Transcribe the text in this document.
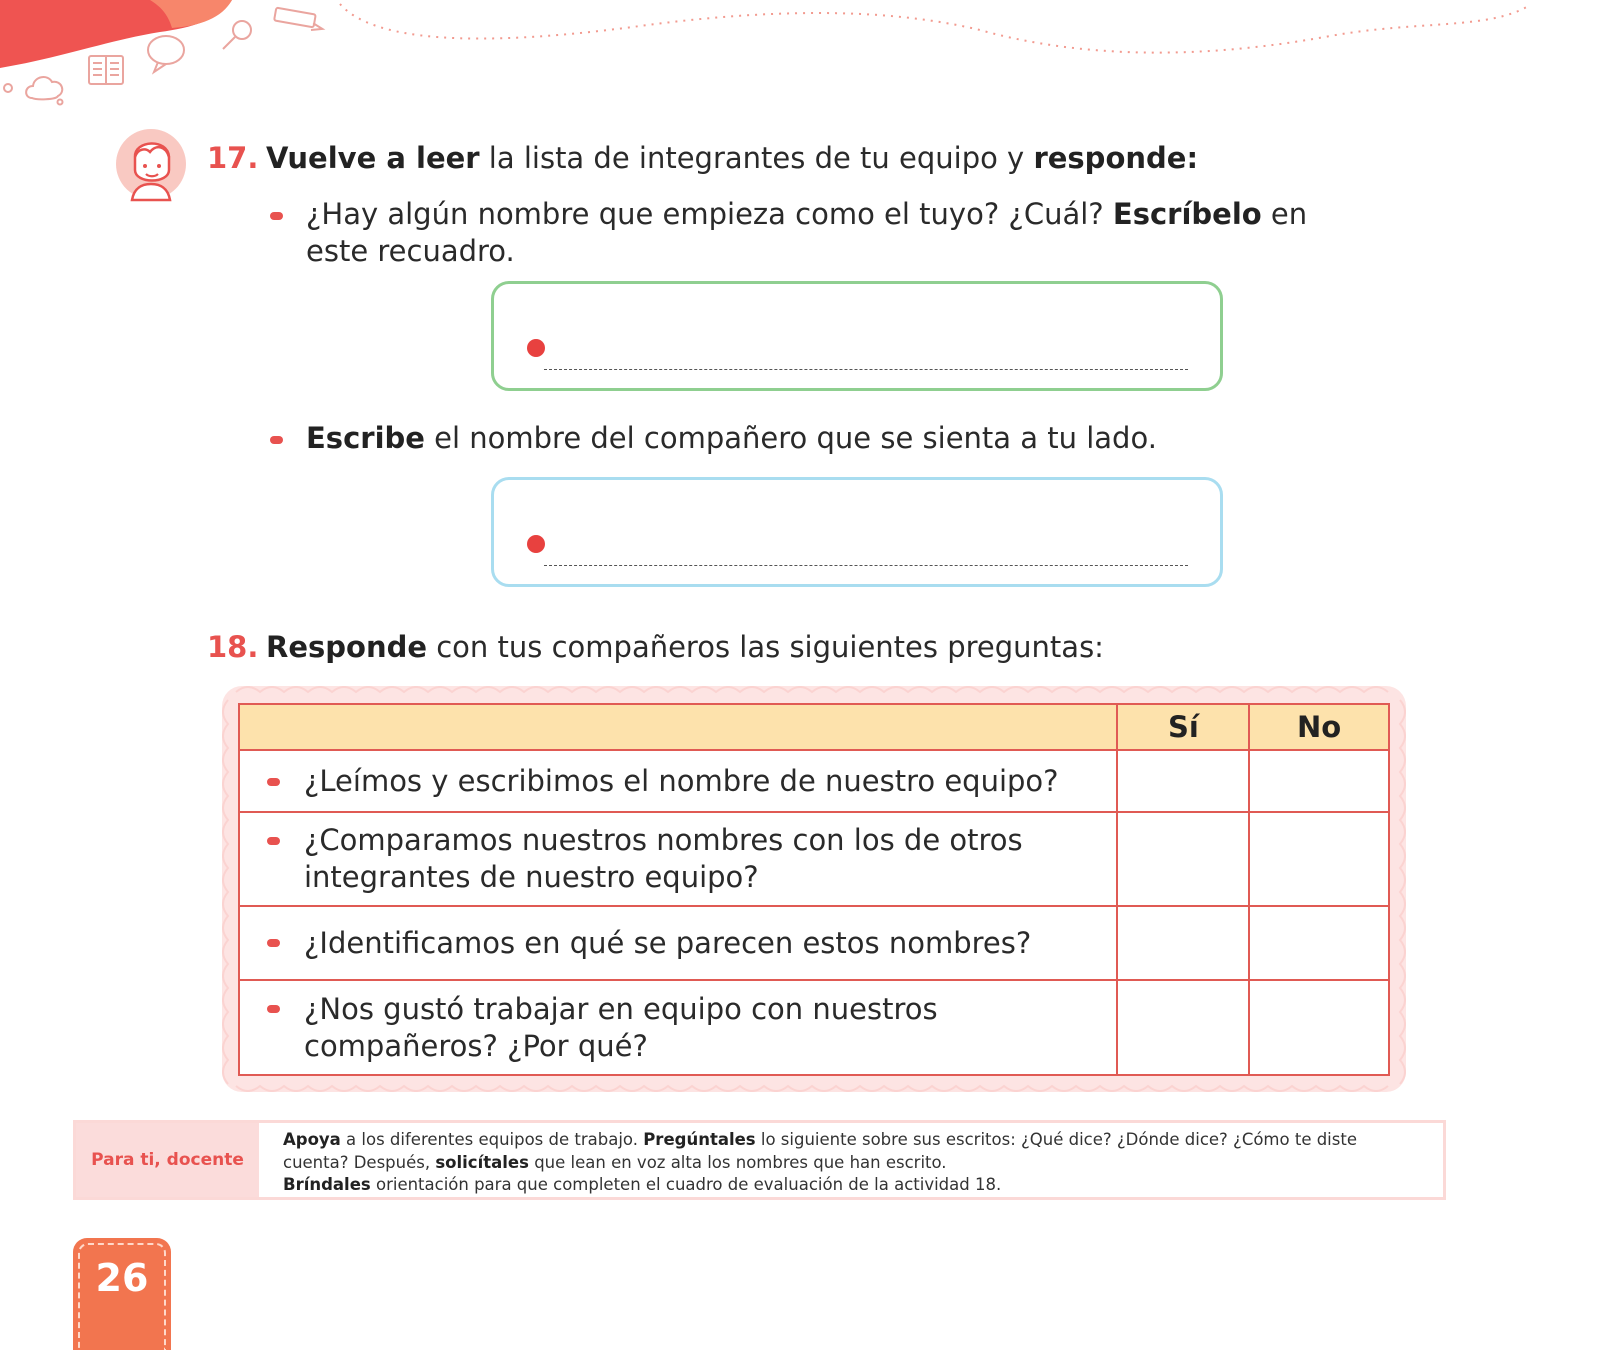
17. Vuelve a leer la lista de integrantes de tu equipo y responde:
¿Hay algún nombre que empieza como el tuyo? ¿Cuál? Escríbelo en
este recuadro.
Escribe el nombre del compañero que se sienta a tu lado.
18. Responde con tus compañeros las siguientes preguntas:
	Sí	No

¿Leímos y escribimos el nombre de nuestro equipo?		

¿Comparamos nuestros nombres con los de otros
integrantes de nuestro equipo?		

¿Identificamos en qué se parecen estos nombres?		

¿Nos gustó trabajar en equipo con nuestros
compañeros? ¿Por qué?		

Para ti, docente
Apoya a los diferentes equipos de trabajo. Pregúntales lo siguiente sobre sus escritos: ¿Qué dice? ¿Dónde dice? ¿Cómo te diste cuenta? Después, solicítales que lean en voz alta los nombres que han escrito.
Bríndales orientación para que completen el cuadro de evaluación de la actividad 18.
26
